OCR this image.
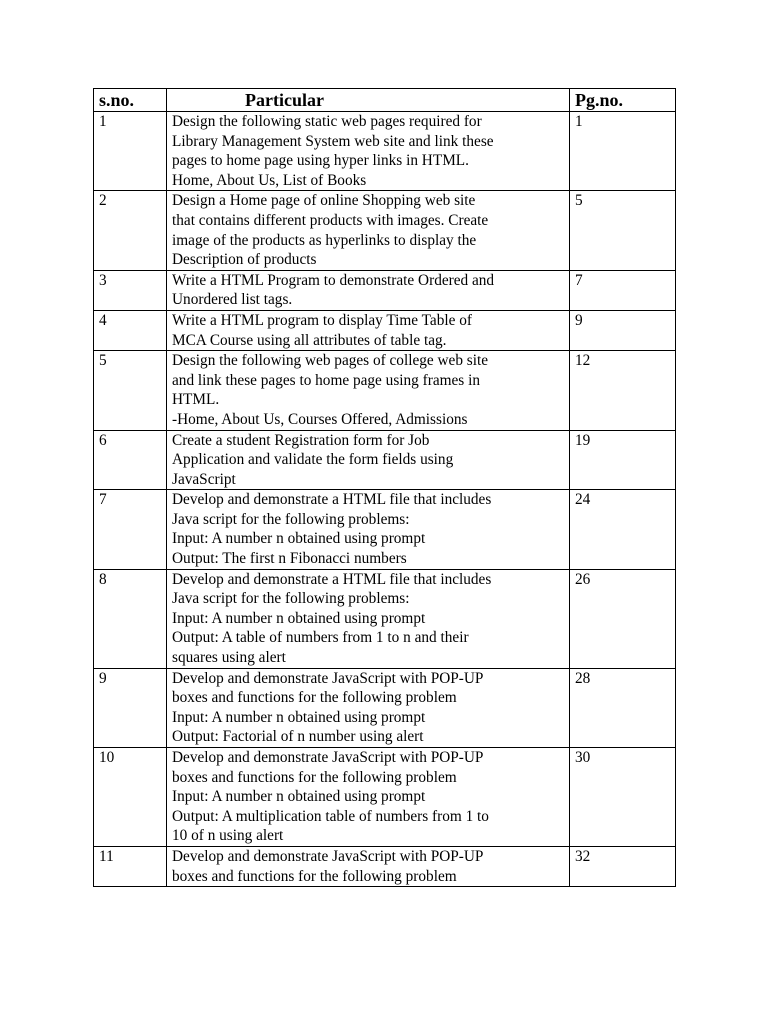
s.no.	Particular	Pg.no.
1	Design the following static web pages required for
Library Management System web site and link these
pages to home page using hyper links in HTML.
Home, About Us, List of Books	1
2	Design a Home page of online Shopping web site
that contains different products with images. Create
image of the products as hyperlinks to display the
Description of products	5
3	Write a HTML Program to demonstrate Ordered and
Unordered list tags.	7
4	Write a HTML program to display Time Table of
MCA Course using all attributes of table tag.	9
5	Design the following web pages of college web site
and link these pages to home page using frames in
HTML.
-Home, About Us, Courses Offered, Admissions	12
6	Create a student Registration form for Job
Application and validate the form fields using
JavaScript	19
7	Develop and demonstrate a HTML file that includes
Java script for the following problems:
Input: A number n obtained using prompt
Output: The first n Fibonacci numbers	24
8	Develop and demonstrate a HTML file that includes
Java script for the following problems:
Input: A number n obtained using prompt
Output: A table of numbers from 1 to n and their
squares using alert	26
9	Develop and demonstrate JavaScript with POP-UP
boxes and functions for the following problem
Input: A number n obtained using prompt
Output: Factorial of n number using alert	28
10	Develop and demonstrate JavaScript with POP-UP
boxes and functions for the following problem
Input: A number n obtained using prompt
Output: A multiplication table of numbers from 1 to
10 of n using alert	30
11	Develop and demonstrate JavaScript with POP-UP
boxes and functions for the following problem	32
